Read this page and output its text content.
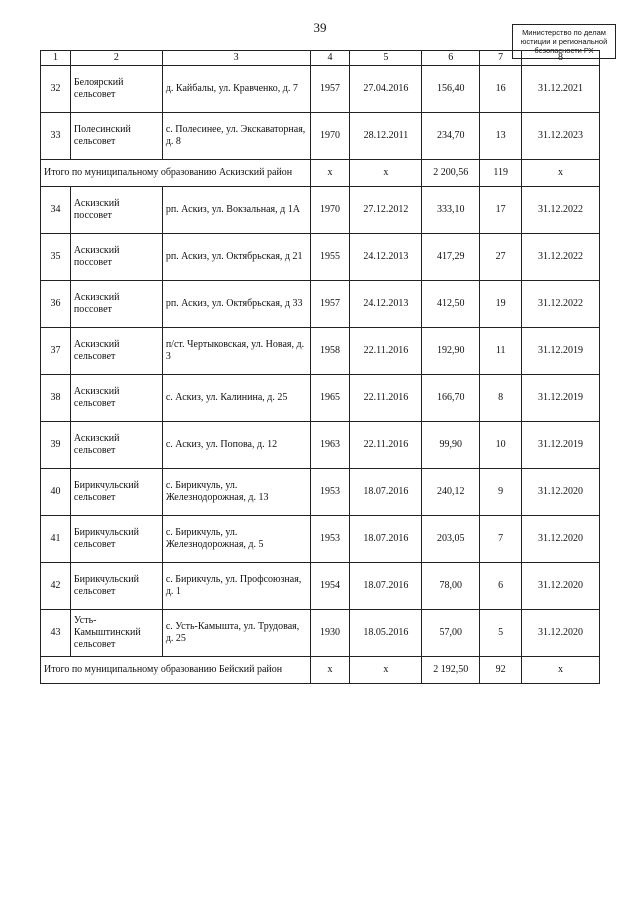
39	Министерство по делам юстиции и региональной безопасности РХ
1	2	3	4	5	6	7	8
32	Белоярский сельсовет	д. Кайбалы, ул. Кравченко, д. 7	1957	27.04.2016	156,40	16	31.12.2021
33	Полесинский сельсовет	с. Полесинее, ул. Экскаваторная, д. 8	1970	28.12.2011	234,70	13	31.12.2023
Итого по муниципальному образованию Аскизский район			х	х	2 200,56	119	х
34	Аскизский поссовет	рп. Аскиз, ул. Вокзальная, д 1А	1970	27.12.2012	333,10	17	31.12.2022
35	Аскизский поссовет	рп. Аскиз, ул. Октябрьская, д 21	1955	24.12.2013	417,29	27	31.12.2022
36	Аскизский поссовет	рп. Аскиз, ул. Октябрьская, д 33	1957	24.12.2013	412,50	19	31.12.2022
37	Аскизский сельсовет	п/ст. Чертыковская, ул. Новая, д. 3	1958	22.11.2016	192,90	11	31.12.2019
38	Аскизский сельсовет	с. Аскиз, ул. Калинина, д. 25	1965	22.11.2016	166,70	8	31.12.2019
39	Аскизский сельсовет	с. Аскиз, ул. Попова, д. 12	1963	22.11.2016	99,90	10	31.12.2019
40	Бирикчульский сельсовет	с. Бирикчуль, ул. Железнодорожная, д. 13	1953	18.07.2016	240,12	9	31.12.2020
41	Бирикчульский сельсовет	с. Бирикчуль, ул. Железнодорожная, д. 5	1953	18.07.2016	203,05	7	31.12.2020
42	Бирикчульский сельсовет	с. Бирикчуль, ул. Профсоюзная, д. 1	1954	18.07.2016	78,00	6	31.12.2020
43	Усть-Камыштинский сельсовет	с. Усть-Камышта, ул. Трудовая, д. 25	1930	18.05.2016	57,00	5	31.12.2020
Итого по муниципальному образованию Бейский район			х	х	2 192,50	92	х
